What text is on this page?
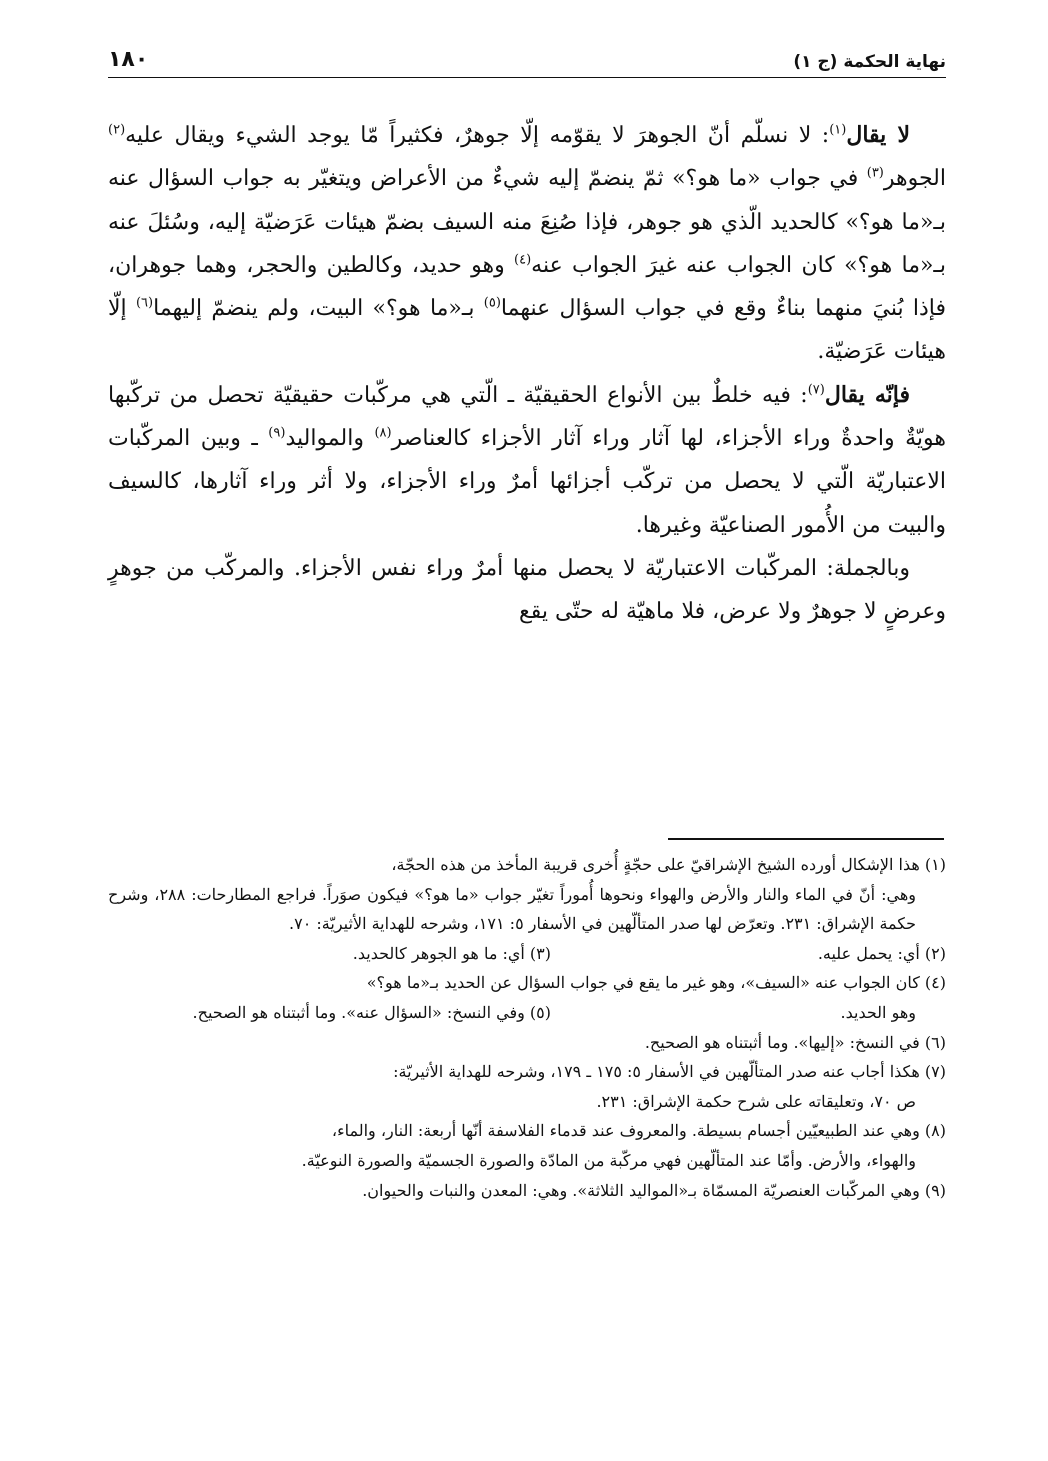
نهاية الحكمة (ج ١)
١٨٠

لا يقال$^{(١)}$: لا نسلّم أنّ الجوهرَ لا يقوّمه إلّا جوهرٌ، فكثيراً مّا يوجد الشيء ويقال عليه$^{(٢)}$ الجوهر$^{(٣)}$ في جواب «ما هو؟» ثمّ ينضمّ إليه شيءٌ من الأعراض ويتغيّر به جواب السؤال عنه بـ«ما هو؟» كالحديد الّذي هو جوهر، فإذا صُنِعَ منه السيف بضمّ هيئات عَرَضيّة إليه، وسُئلَ عنه بـ«ما هو؟» كان الجواب عنه غيرَ الجواب عنه$^{(٤)}$ وهو حديد، وكالطين والحجر، وهما جوهران، فإذا بُنيَ منهما بناءٌ وقع في جواب السؤال عنهما$^{(٥)}$ بـ«ما هو؟» البيت، ولم ينضمّ إليهما$^{(٦)}$ إلّا هيئات عَرَضيّة.

فإنّه يقال$^{(٧)}$: فيه خلطٌ بين الأنواع الحقيقيّة ـ الّتي هي مركّبات حقيقيّة تحصل من تركّبها هويّةٌ واحدةٌ وراء الأجزاء، لها آثار وراء آثار الأجزاء كالعناصر$^{(٨)}$ والمواليد$^{(٩)}$ ـ وبين المركّبات الاعتباريّة الّتي لا يحصل من تركّب أجزائها أمرٌ وراء الأجزاء، ولا أثر وراء آثارها، كالسيف والبيت من الأُمور الصناعيّة وغيرها.

وبالجملة: المركّبات الاعتباريّة لا يحصل منها أمرٌ وراء نفس الأجزاء. والمركّب من جوهرٍ وعرضٍ لا جوهرٌ ولا عرض، فلا ماهيّة له حتّى يقع

(١) هذا الإشكال أورده الشيخ الإشراقيّ على حجّةٍ أُخرى قريبة المأخذ من هذه الحجّة،

وهي: أنّ في الماء والنار والأرض والهواء ونحوها أُموراً تغيّر جواب «ما هو؟» فيكون صوَراً. فراجع المطارحات: ٢٨٨، وشرح حكمة الإشراق: ٢٣١. وتعرّض لها صدر المتألّهين في الأسفار ٥: ١٧١، وشرحه للهداية الأثيريّة: ٧٠.

(٢) أي: يحمل عليه.
(٣) أي: ما هو الجوهر كالحديد.

(٤) كان الجواب عنه «السيف»، وهو غير ما يقع في جواب السؤال عن الحديد بـ«ما هو؟»

وهو الحديد.
(٥) وفي النسخ: «السؤال عنه». وما أثبتناه هو الصحيح.

(٦) في النسخ: «إليها». وما أثبتناه هو الصحيح.

(٧) هكذا أجاب عنه صدر المتألّهين في الأسفار ٥: ١٧٥ ـ ١٧٩، وشرحه للهداية الأثيريّة:

ص ٧٠، وتعليقاته على شرح حكمة الإشراق: ٢٣١.

(٨) وهي عند الطبيعيّين أجسام بسيطة. والمعروف عند قدماء الفلاسفة أنّها أربعة: النار، والماء،

والهواء، والأرض. وأمّا عند المتألّهين فهي مركّبة من المادّة والصورة الجسميّة والصورة النوعيّة.

(٩) وهي المركّبات العنصريّة المسمّاة بـ«المواليد الثلاثة». وهي: المعدن والنبات والحيوان.
